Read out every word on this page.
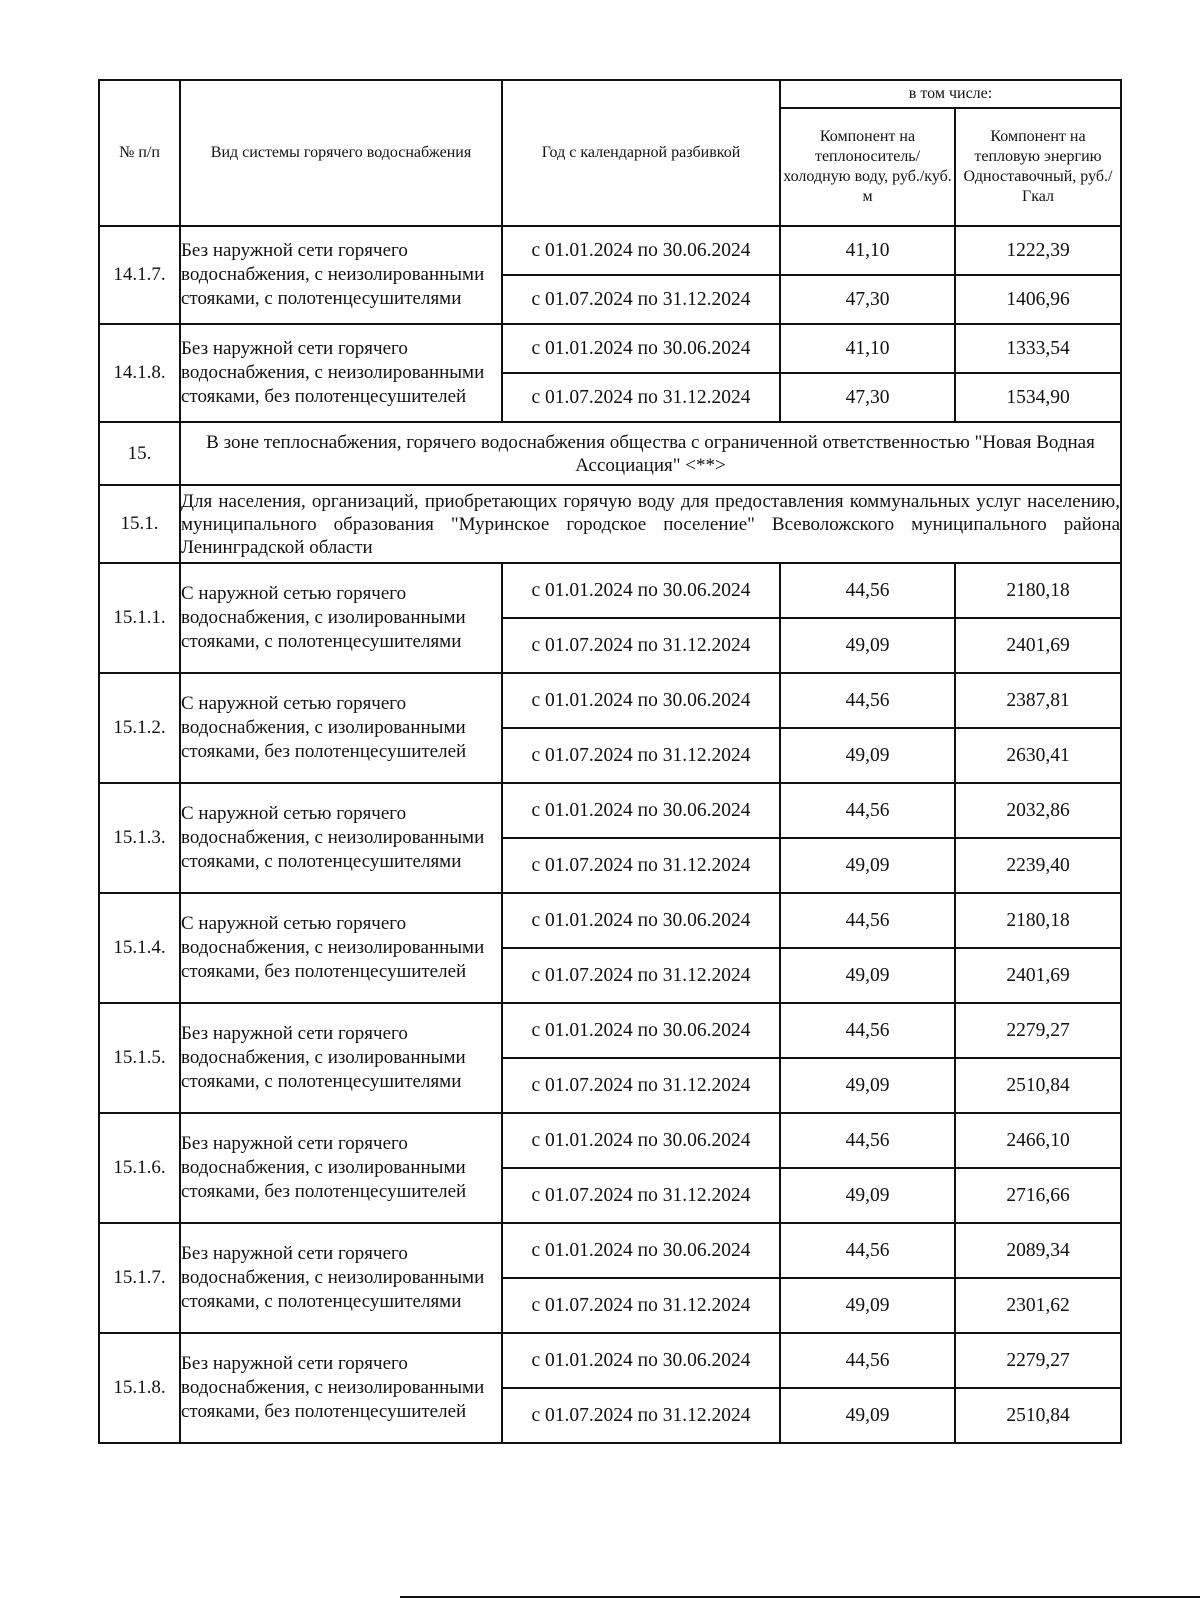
№ п/п	Вид системы горячего водоснабжения	Год с календарной разбивкой	в том числе:	
			Компонент на теплоноситель/ холодную воду, руб./куб. м	Компонент на тепловую энергию Одноставочный, руб./Гкал
14.1.7.	Без наружной сети горячего водоснабжения, с неизолированными стояками, с полотенцесушителями	с 01.01.2024 по 30.06.2024	41,10	1222,39
		с 01.07.2024 по 31.12.2024	47,30	1406,96
14.1.8.	Без наружной сети горячего водоснабжения, с неизолированными стояками, без полотенцесушителей	с 01.01.2024 по 30.06.2024	41,10	1333,54
		с 01.07.2024 по 31.12.2024	47,30	1534,90
15.	В зоне теплоснабжения, горячего водоснабжения общества с ограниченной ответственностью "Новая Водная Ассоциация" <**>			
15.1.	Для населения, организаций, приобретающих горячую воду для предоставления коммунальных услуг населению, муниципального образования "Муринское городское поселение" Всеволожского муниципального района Ленинградской области			
15.1.1.	С наружной сетью горячего водоснабжения, с изолированными стояками, с полотенцесушителями	с 01.01.2024 по 30.06.2024	44,56	2180,18
		с 01.07.2024 по 31.12.2024	49,09	2401,69
15.1.2.	С наружной сетью горячего водоснабжения, с изолированными стояками, без полотенцесушителей	с 01.01.2024 по 30.06.2024	44,56	2387,81
		с 01.07.2024 по 31.12.2024	49,09	2630,41
15.1.3.	С наружной сетью горячего водоснабжения, с неизолированными стояками, с полотенцесушителями	с 01.01.2024 по 30.06.2024	44,56	2032,86
		с 01.07.2024 по 31.12.2024	49,09	2239,40
15.1.4.	С наружной сетью горячего водоснабжения, с неизолированными стояками, без полотенцесушителей	с 01.01.2024 по 30.06.2024	44,56	2180,18
		с 01.07.2024 по 31.12.2024	49,09	2401,69
15.1.5.	Без наружной сети горячего водоснабжения, с изолированными стояками, с полотенцесушителями	с 01.01.2024 по 30.06.2024	44,56	2279,27
		с 01.07.2024 по 31.12.2024	49,09	2510,84
15.1.6.	Без наружной сети горячего водоснабжения, с изолированными стояками, без полотенцесушителей	с 01.01.2024 по 30.06.2024	44,56	2466,10
		с 01.07.2024 по 31.12.2024	49,09	2716,66
15.1.7.	Без наружной сети горячего водоснабжения, с неизолированными стояками, с полотенцесушителями	с 01.01.2024 по 30.06.2024	44,56	2089,34
		с 01.07.2024 по 31.12.2024	49,09	2301,62
15.1.8.	Без наружной сети горячего водоснабжения, с неизолированными стояками, без полотенцесушителей	с 01.01.2024 по 30.06.2024	44,56	2279,27
		с 01.07.2024 по 31.12.2024	49,09	2510,84
